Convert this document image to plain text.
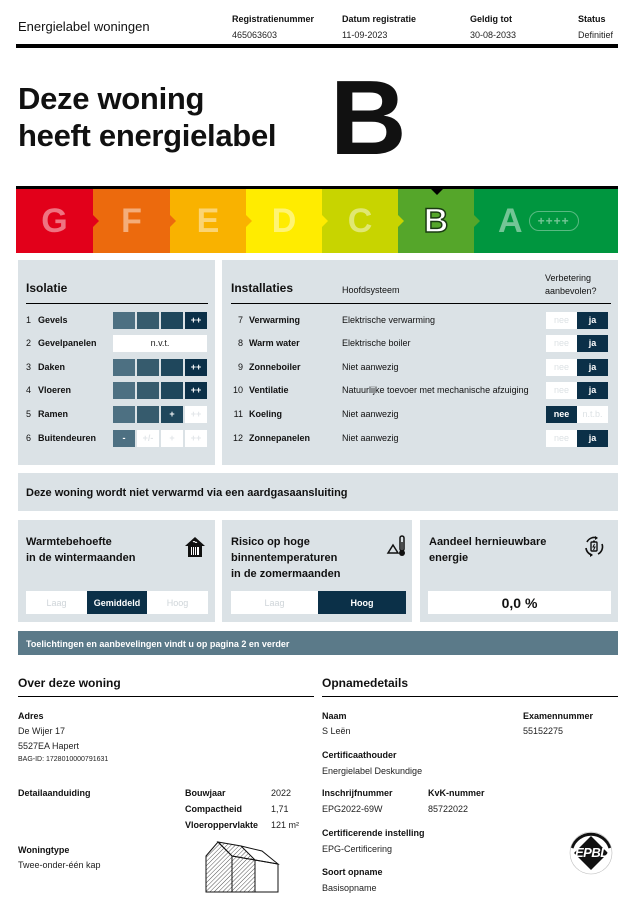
Energielabel woningen	Registratienummer
465063603
Datum registratie
11-09-2023
Geldig tot
30-08-2033
Status
Definitief
Deze woning
heeft energielabel B
G F E D C B A	++++
Isolatie
1 Gevels	++
2 Gevelpanelen	n.v.t.
3 Daken	++
4 Vloeren	++
5 Ramen	+	++
6 Buitendeuren	-	+/-	+	++
Installaties	Hoofdsysteem
Verbetering
aanbevolen?
7 Verwarming	Elektrische verwarming	nee	ja
8 Warm water	Elektrische boiler	nee	ja
9 Zonneboiler	Niet aanwezig	nee	ja
10 Ventilatie	Natuurlijke toevoer met mechanische afzuiging	nee	ja
11 Koeling	Niet aanwezig	nee	n.t.b.
12 Zonnepanelen	Niet aanwezig	nee	ja
Deze woning wordt niet verwarmd via een aardgasaansluiting
Warmtebehoefte
in de wintermaanden
Laag	Gemiddeld	Hoog
Risico op hoge
binnentemperaturen
in de zomermaanden
Laag	Hoog
Aandeel hernieuwbare
energie
0,0 %
Toelichtingen en aanbevelingen vindt u op pagina 2 en verder
Over deze woning
Adres
De Wijer 17
5527EA Hapert
BAG-ID: 1728010000791631
Detailaanduiding	Bouwjaar	2022
Compactheid	1,71
Vloeroppervlakte 121 m²
Woningtype
Twee-onder-één kap
Opnamedetails
Naam
S Leën
Examennummer
55152275
Certificaathouder
Energielabel Deskundige
Inschrijfnummer
EPG2022-69W
KvK-nummer
85722022
Certificerende instelling
EPG-Certificering
Soort opname
Basisopname
EPBD
